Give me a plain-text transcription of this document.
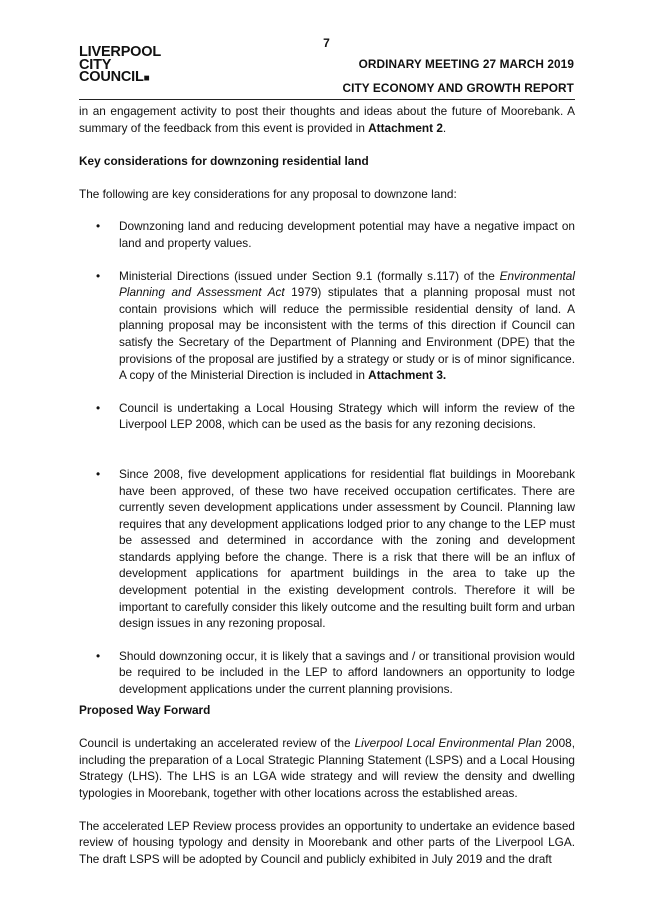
7
LIVERPOOL
CITY
COUNCIL■
ORDINARY MEETING 27 MARCH 2019
CITY ECONOMY AND GROWTH REPORT

in an engagement activity to post their thoughts and ideas about the future of Moorebank. A summary of the feedback from this event is provided in Attachment 2.

Key considerations for downzoning residential land

The following are key considerations for any proposal to downzone land:

• Downzoning land and reducing development potential may have a negative impact on land and property values.
• Ministerial Directions (issued under Section 9.1 (formally s.117) of the Environmental Planning and Assessment Act 1979) stipulates that a planning proposal must not contain provisions which will reduce the permissible residential density of land. A planning proposal may be inconsistent with the terms of this direction if Council can satisfy the Secretary of the Department of Planning and Environment (DPE) that the provisions of the proposal are justified by a strategy or study or is of minor significance. A copy of the Ministerial Direction is included in Attachment 3.
• Council is undertaking a Local Housing Strategy which will inform the review of the Liverpool LEP 2008, which can be used as the basis for any rezoning decisions.
• Since 2008, five development applications for residential flat buildings in Moorebank have been approved, of these two have received occupation certificates. There are currently seven development applications under assessment by Council. Planning law requires that any development applications lodged prior to any change to the LEP must be assessed and determined in accordance with the zoning and development standards applying before the change. There is a risk that there will be an influx of development applications for apartment buildings in the area to take up the development potential in the existing development controls. Therefore it will be important to carefully consider this likely outcome and the resulting built form and urban design issues in any rezoning proposal.
• Should downzoning occur, it is likely that a savings and / or transitional provision would be required to be included in the LEP to afford landowners an opportunity to lodge development applications under the current planning provisions.

Proposed Way Forward

Council is undertaking an accelerated review of the Liverpool Local Environmental Plan 2008, including the preparation of a Local Strategic Planning Statement (LSPS) and a Local Housing Strategy (LHS). The LHS is an LGA wide strategy and will review the density and dwelling typologies in Moorebank, together with other locations across the established areas.

The accelerated LEP Review process provides an opportunity to undertake an evidence based review of housing typology and density in Moorebank and other parts of the Liverpool LGA. The draft LSPS will be adopted by Council and publicly exhibited in July 2019 and the draft
